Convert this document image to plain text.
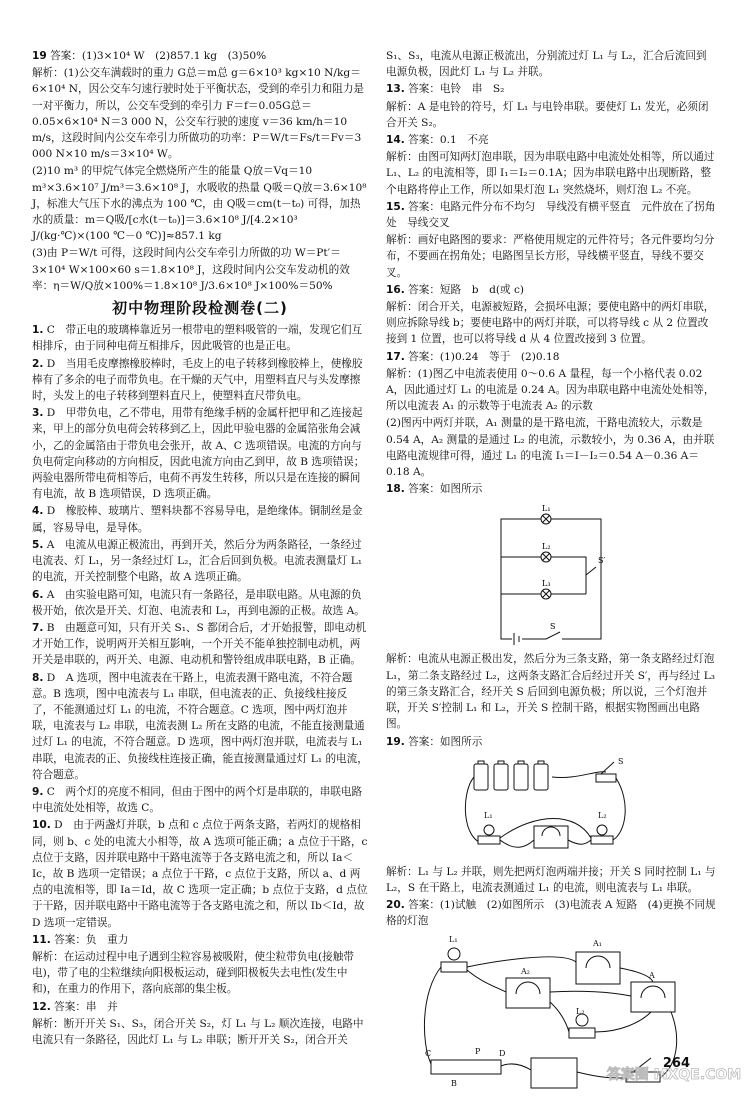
19 答案：(1)3×10⁴ W　(2)857.1 kg　(3)50%
解析：(1)公交车满载时的重力 G总＝m总 g＝6×10³ kg×10 N/kg＝6×10⁴ N，因公交车匀速行驶时处于平衡状态，受到的牵引力和阻力是一对平衡力，所以，公交车受到的牵引力 F＝f＝0.05G总＝0.05×6×10⁴ N＝3 000 N，公交车行驶的速度 v＝36 km/h＝10 m/s，这段时间内公交车牵引力所做功的功率：P＝W/t＝Fs/t＝Fv＝3 000 N×10 m/s＝3×10⁴ W。
(2)10 m³ 的甲烷气体完全燃烧所产生的能量 Q放＝Vq＝10 m³×3.6×10⁷ J/m³＝3.6×10⁸ J，水吸收的热量 Q吸＝Q放＝3.6×10⁸ J，标准大气压下水的沸点为 100 ℃，由 Q吸＝cm(t－t₀) 可得，加热水的质量：m＝Q吸/[c水(t－t₀)]＝3.6×10⁸ J/[4.2×10³ J/(kg·℃)×(100 ℃－0 ℃)]≈857.1 kg
(3)由 P＝W/t 可得，这段时间内公交车牵引力所做的功 W＝Pt′＝3×10⁴ W×100×60 s＝1.8×10⁸ J，这段时间内公交车发动机的效率：η＝W/Q放×100%＝1.8×10⁸ J/3.6×10⁸ J×100%＝50%
初中物理阶段检测卷(二)
1. C　带正电的玻璃棒靠近另一根带电的塑料吸管的一端，发现它们互相排斥，由于同种电荷互相排斥，因此吸管的也是正电。
2. D　当用毛皮摩擦橡胶棒时，毛皮上的电子转移到橡胶棒上，使橡胶棒有了多余的电子而带负电。在干燥的天气中，用塑料直尺与头发摩擦时，头发上的电子转移到塑料直尺上，使塑料直尺带负电。
3. D　甲带负电，乙不带电，用带有绝缘手柄的金属杆把甲和乙连接起来，甲上的部分负电荷会转移到乙上，因此甲验电器的金属箔张角会减小，乙的金属箔由于带负电会张开，故 A、C 选项错误。电流的方向与负电荷定向移动的方向相反，因此电流方向由乙到甲，故 B 选项错误；两验电器所带电荷相等后，电荷不再发生转移，所以只是在连接的瞬间有电流，故 B 选项错误，D 选项正确。
4. D　橡胶棒、玻璃片、塑料块都不容易导电，是绝缘体。铜制丝是金属，容易导电，是导体。
5. A　电流从电源正极流出，再到开关，然后分为两条路径，一条经过电流表、灯 L₁，另一条经过灯 L₂，汇合后回到负极。电流表测量灯 L₁ 的电流，开关控制整个电路，故 A 选项正确。
6. A　由实验电路可知，电流只有一条路径，是串联电路。从电源的负极开始，依次是开关、灯泡、电流表和 L₂，再到电源的正极。故选 A。
7. B　由题意可知，只有开关 S₁、S 都闭合后，才开始报警，即电动机才开始工作，说明两开关相互影响，一个开关不能单独控制电动机，两开关是串联的，两开关、电源、电动机和警铃组成串联电路，B 正确。
8. D　A 选项，图中电流表在干路上，电流表测干路电流，不符合题意。B 选项，图中电流表与 L₁ 串联，但电流表的正、负接线柱接反了，不能测通过灯 L₁ 的电流，不符合题意。C 选项，图中两灯泡并联，电流表与 L₂ 串联，电流表测 L₂ 所在支路的电流，不能直接测量通过灯 L₁ 的电流，不符合题意。D 选项，图中两灯泡并联，电流表与 L₁ 串联，电流表的正、负接线柱连接正确，能直接测量通过灯 L₁ 的电流，符合题意。
9. C　两个灯的亮度不相同，但由于图中的两个灯是串联的，串联电路中电流处处相等，故选 C。
10. D　由于两盏灯并联，b 点和 c 点位于两条支路，若两灯的规格相同，则 b、c 处的电流大小相等，故 A 选项可能正确；a 点位于干路，c 点位于支路，因并联电路中干路电流等于各支路电流之和，所以 Ia＜Ic，故 B 选项一定错误；a 点位于干路，c 点位于支路，所以 a、d 两点的电流相等，即 Ia＝Id，故 C 选项一定正确；b 点位于支路，d 点位于干路，因并联电路中干路电流等于各支路电流之和，所以 Ib＜Id，故 D 选项一定错误。
11. 答案：负　重力
解析：在运动过程中电子遇到尘粒容易被吸附，使尘粒带负电(接触带电)，带了电的尘粒继续向阳极板运动，碰到阳极板失去电性(发生中和)，在重力的作用下，落向底部的集尘板。
12. 答案：串　并
解析：断开开关 S₁、S₃，闭合开关 S₂，灯 L₁ 与 L₂ 顺次连接，电路中电流只有一条路径，因此灯 L₁ 与 L₂ 串联；断开开关 S₂，闭合开关
S₁、S₃，电流从电源正极流出，分别流过灯 L₁ 与 L₂，汇合后流回到电源负极，因此灯 L₁ 与 L₂ 并联。
13. 答案：电铃　串　S₂
解析：A 是电铃的符号，灯 L₁ 与电铃串联。要使灯 L₁ 发光，必须闭合开关 S₂。
14. 答案：0.1　不亮
解析：由图可知两灯泡串联，因为串联电路中电流处处相等，所以通过 L₁、L₂ 的电流相等，即 I₁＝I₂＝0.1A；因为串联电路中出现断路，整个电路将停止工作，所以如果灯泡 L₁ 突然烧坏，则灯泡 L₂ 不亮。
15. 答案：电路元件分布不均匀　导线没有横平竖直　元件放在了拐角处　导线交叉
解析：画好电路图的要求：严格使用规定的元件符号；各元件要均匀分布，不要画在拐角处；电路图呈长方形，导线横平竖直，导线不要交叉。
16. 答案：短路　b　d(或 c)
解析：闭合开关，电源被短路，会损坏电源；要使电路中的两灯串联，则应拆除导线 b；要使电路中的两灯并联，可以将导线 c 从 2 位置改接到 1 位置，也可以将导线 d 从 4 位置改接到 3 位置。
17. 答案：(1)0.24　等于　(2)0.18
解析：(1)图乙中电流表使用 0～0.6 A 量程，每一个小格代表 0.02 A，因此通过灯 L₁ 的电流是 0.24 A。因为串联电路中电流处处相等，所以电流表 A₁ 的示数等于电流表 A₂ 的示数
(2)图丙中两灯并联，A₁ 测量的是干路电流，干路电流较大，示数是 0.54 A，A₂ 测量的是通过 L₂ 的电流，示数较小，为 0.36 A，由并联电路电流规律可得，通过 L₁ 的电流 I₁＝I－I₂＝0.54 A－0.36 A＝0.18 A。
18. 答案：如图所示
L₁
L₂
L₃
S′
S
解析：电流从电源正极出发，然后分为三条支路，第一条支路经过灯泡 L₁，第二条支路经过 L₂，这两条支路汇合后经过开关 S′，再与经过 L₃ 的第三条支路汇合，经开关 S 后回到电源负极；所以说，三个灯泡并联，开关 S′控制 L₁ 和 L₂，开关 S 控制干路，根据实物图画出电路图。
19. 答案：如图所示
S
L₁	L₂
解析：L₁ 与 L₂ 并联，则先把两灯泡两端并接；开关 S 同时控制 L₁ 与 L₂，S 在干路上，电流表测通过 L₁ 的电流，则电流表与 L₁ 串联。
20. 答案：(1)试触　(2)如图所示　(3)电流表 A 短路　(4)更换不同规格的灯泡
L₁	A₁
A₂	A
L₂
C	P D
B
264
答案圈 MXQE.COM
